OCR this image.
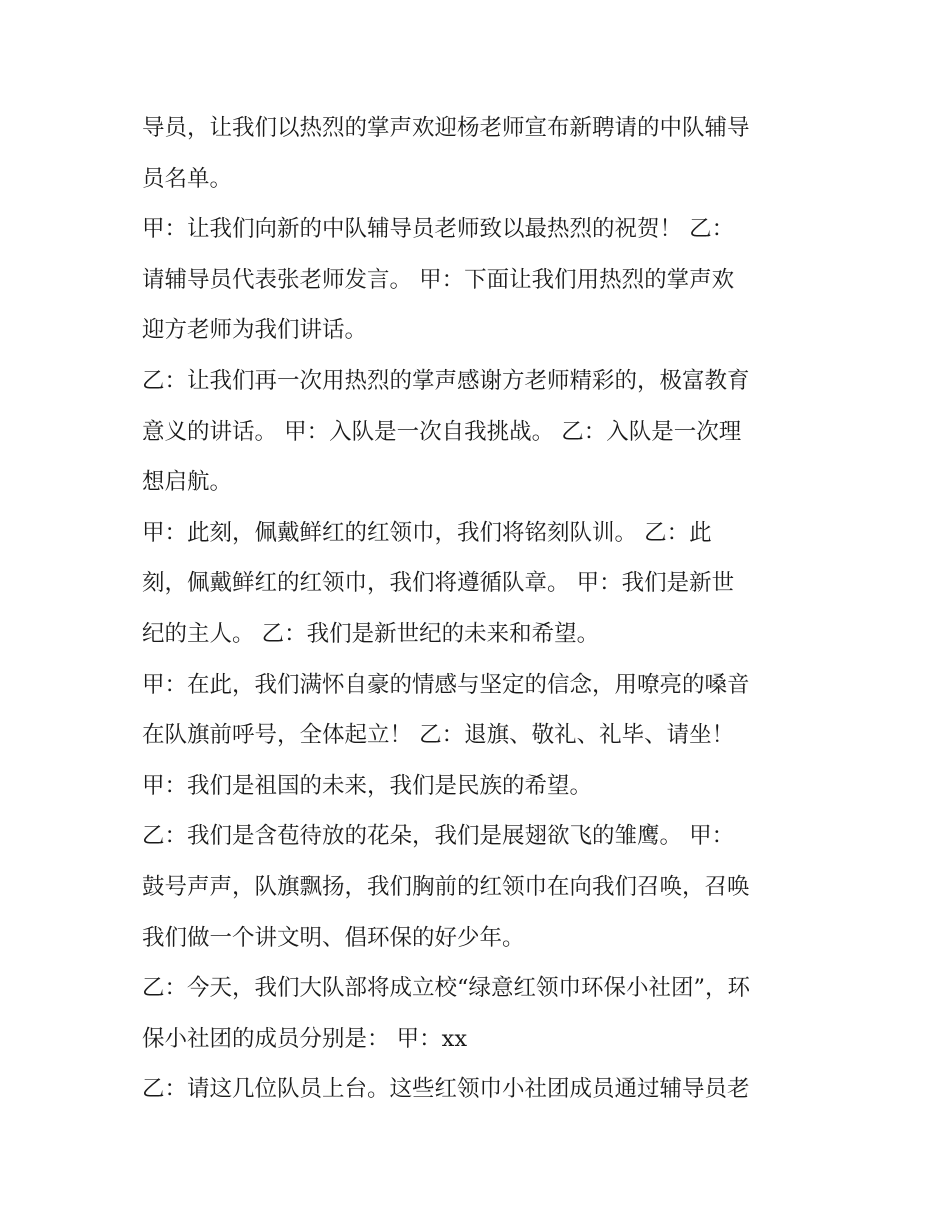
导员，让我们以热烈的掌声欢迎杨老师宣布新聘请的中队辅导
员名单。
甲：让我们向新的中队辅导员老师致以最热烈的祝贺！ 乙：
请辅导员代表张老师发言。 甲：下面让我们用热烈的掌声欢
迎方老师为我们讲话。
乙：让我们再一次用热烈的掌声感谢方老师精彩的，极富教育
意义的讲话。 甲：入队是一次自我挑战。 乙：入队是一次理
想启航。
甲：此刻，佩戴鲜红的红领巾，我们将铭刻队训。 乙：此
刻，佩戴鲜红的红领巾，我们将遵循队章。 甲：我们是新世
纪的主人。 乙：我们是新世纪的未来和希望。
甲：在此，我们满怀自豪的情感与坚定的信念，用嘹亮的嗓音
在队旗前呼号，全体起立！ 乙：退旗、敬礼、礼毕、请坐！
甲：我们是祖国的未来，我们是民族的希望。
乙：我们是含苞待放的花朵，我们是展翅欲飞的雏鹰。 甲：
鼓号声声，队旗飘扬，我们胸前的红领巾在向我们召唤，召唤
我们做一个讲文明、倡环保的好少年。
乙：今天，我们大队部将成立校“绿意红领巾环保小社团”，环
保小社团的成员分别是： 甲：xx
乙：请这几位队员上台。这些红领巾小社团成员通过辅导员老
